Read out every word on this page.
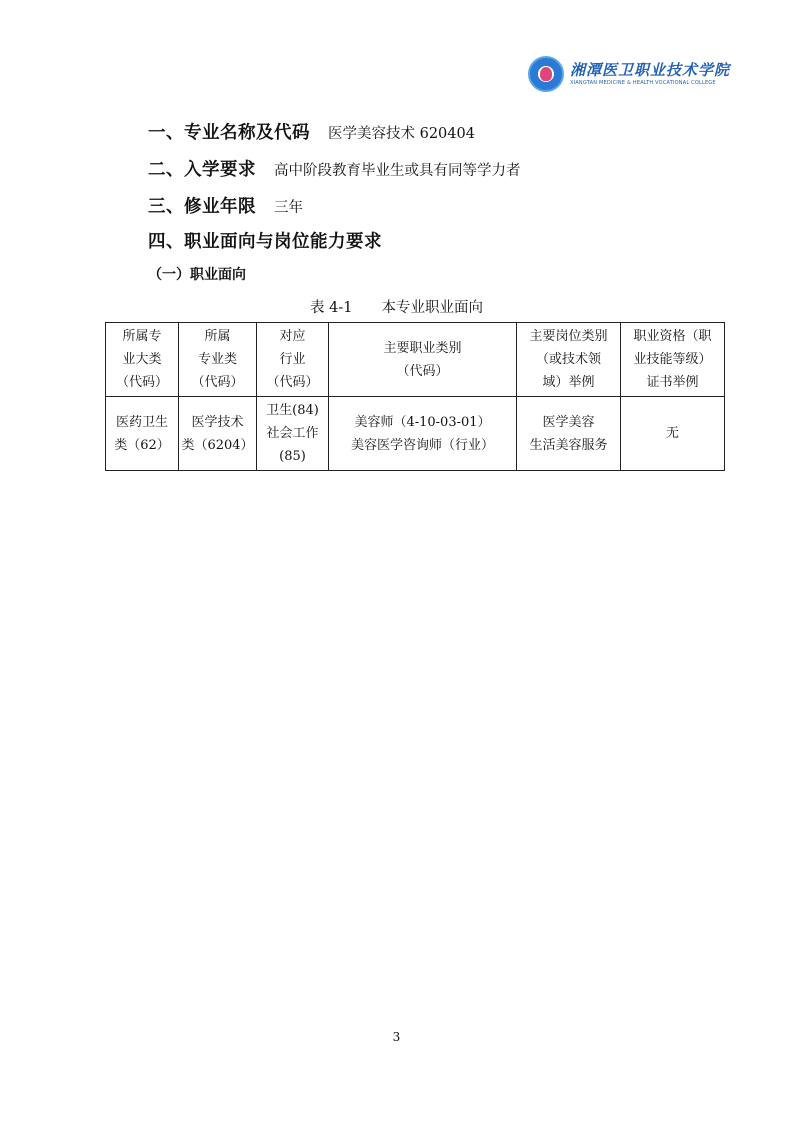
湘潭医卫职业技术学院
XIANGTAN MEDICINE & HEALTH VOCATIONAL COLLEGE
一、专业名称及代码 医学美容技术 620404
二、入学要求 高中阶段教育毕业生或具有同等学力者
三、修业年限 三年
四、职业面向与岗位能力要求
（一）职业面向
表 4-1　　本专业职业面向
所属专
业大类
（代码）	所属
专业类
（代码）	对应
行业
（代码）	主要职业类别
（代码）	主要岗位类别
（或技术领
域）举例	职业资格（职
业技能等级）
证书举例
医药卫生
类（62）	医学技术
类（6204）	卫生(84)
社会工作
(85)	美容师（4-10-03-01）
美容医学咨询师（行业）	医学美容
生活美容服务	无
3
